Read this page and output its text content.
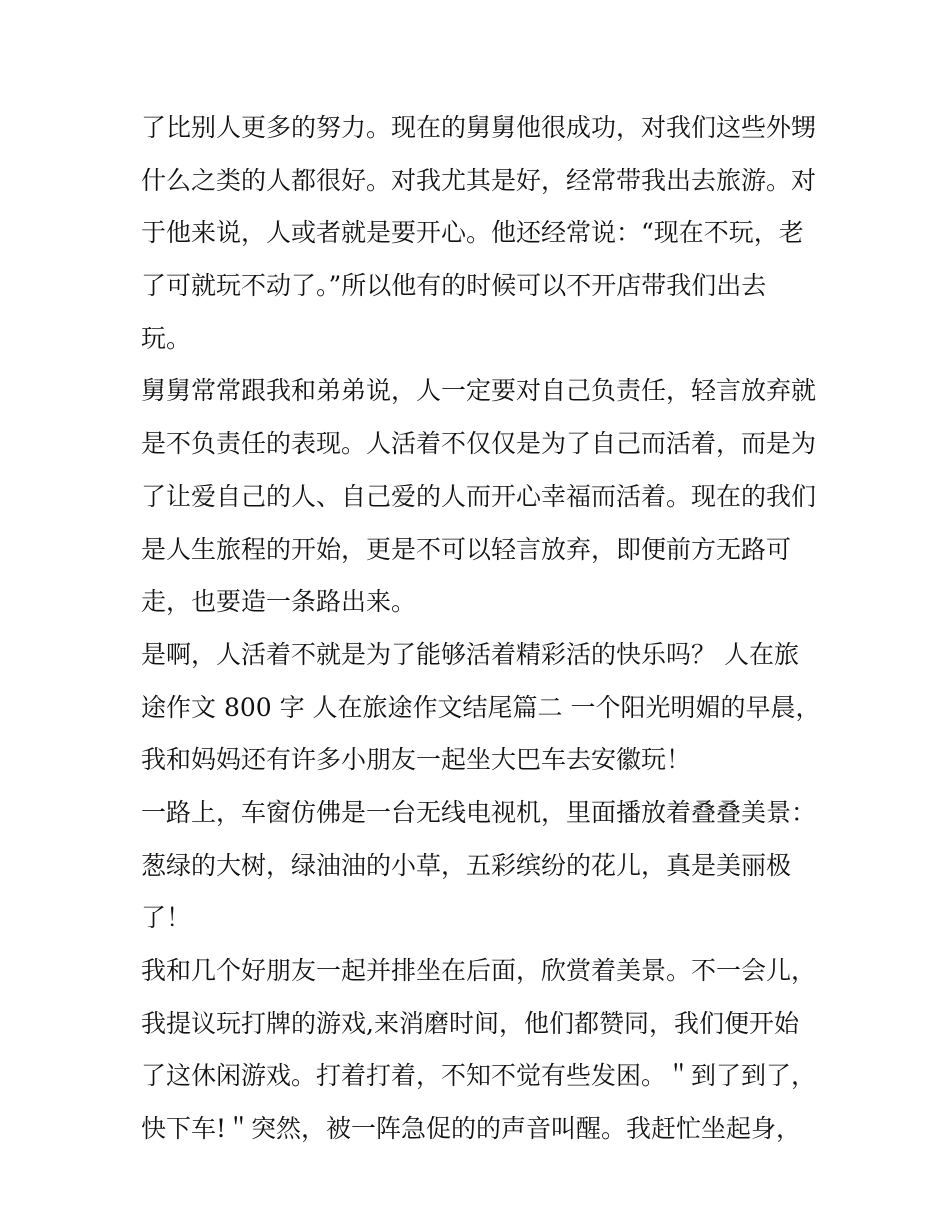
了比别人更多的努力。现在的舅舅他很成功，对我们这些外甥
什么之类的人都很好。对我尤其是好，经常带我出去旅游。对
于他来说，人或者就是要开心。他还经常说：“现在不玩，老
了可就玩不动了。”所以他有的时候可以不开店带我们出去
玩。
舅舅常常跟我和弟弟说，人一定要对自己负责任，轻言放弃就
是不负责任的表现。人活着不仅仅是为了自己而活着，而是为
了让爱自己的人、自己爱的人而开心幸福而活着。现在的我们
是人生旅程的开始，更是不可以轻言放弃，即便前方无路可
走，也要造一条路出来。
是啊，人活着不就是为了能够活着精彩活的快乐吗？ 人在旅
途作文 800 字 人在旅途作文结尾篇二 一个阳光明媚的早晨，
我和妈妈还有许多小朋友一起坐大巴车去安徽玩！
一路上，车窗仿佛是一台无线电视机，里面播放着叠叠美景：
葱绿的大树，绿油油的小草，五彩缤纷的花儿，真是美丽极
了！
我和几个好朋友一起并排坐在后面，欣赏着美景。不一会儿，
我提议玩打牌的游戏,来消磨时间，他们都赞同，我们便开始
了这休闲游戏。打着打着，不知不觉有些发困。＂到了到了，
快下车!＂突然，被一阵急促的的声音叫醒。我赶忙坐起身，
